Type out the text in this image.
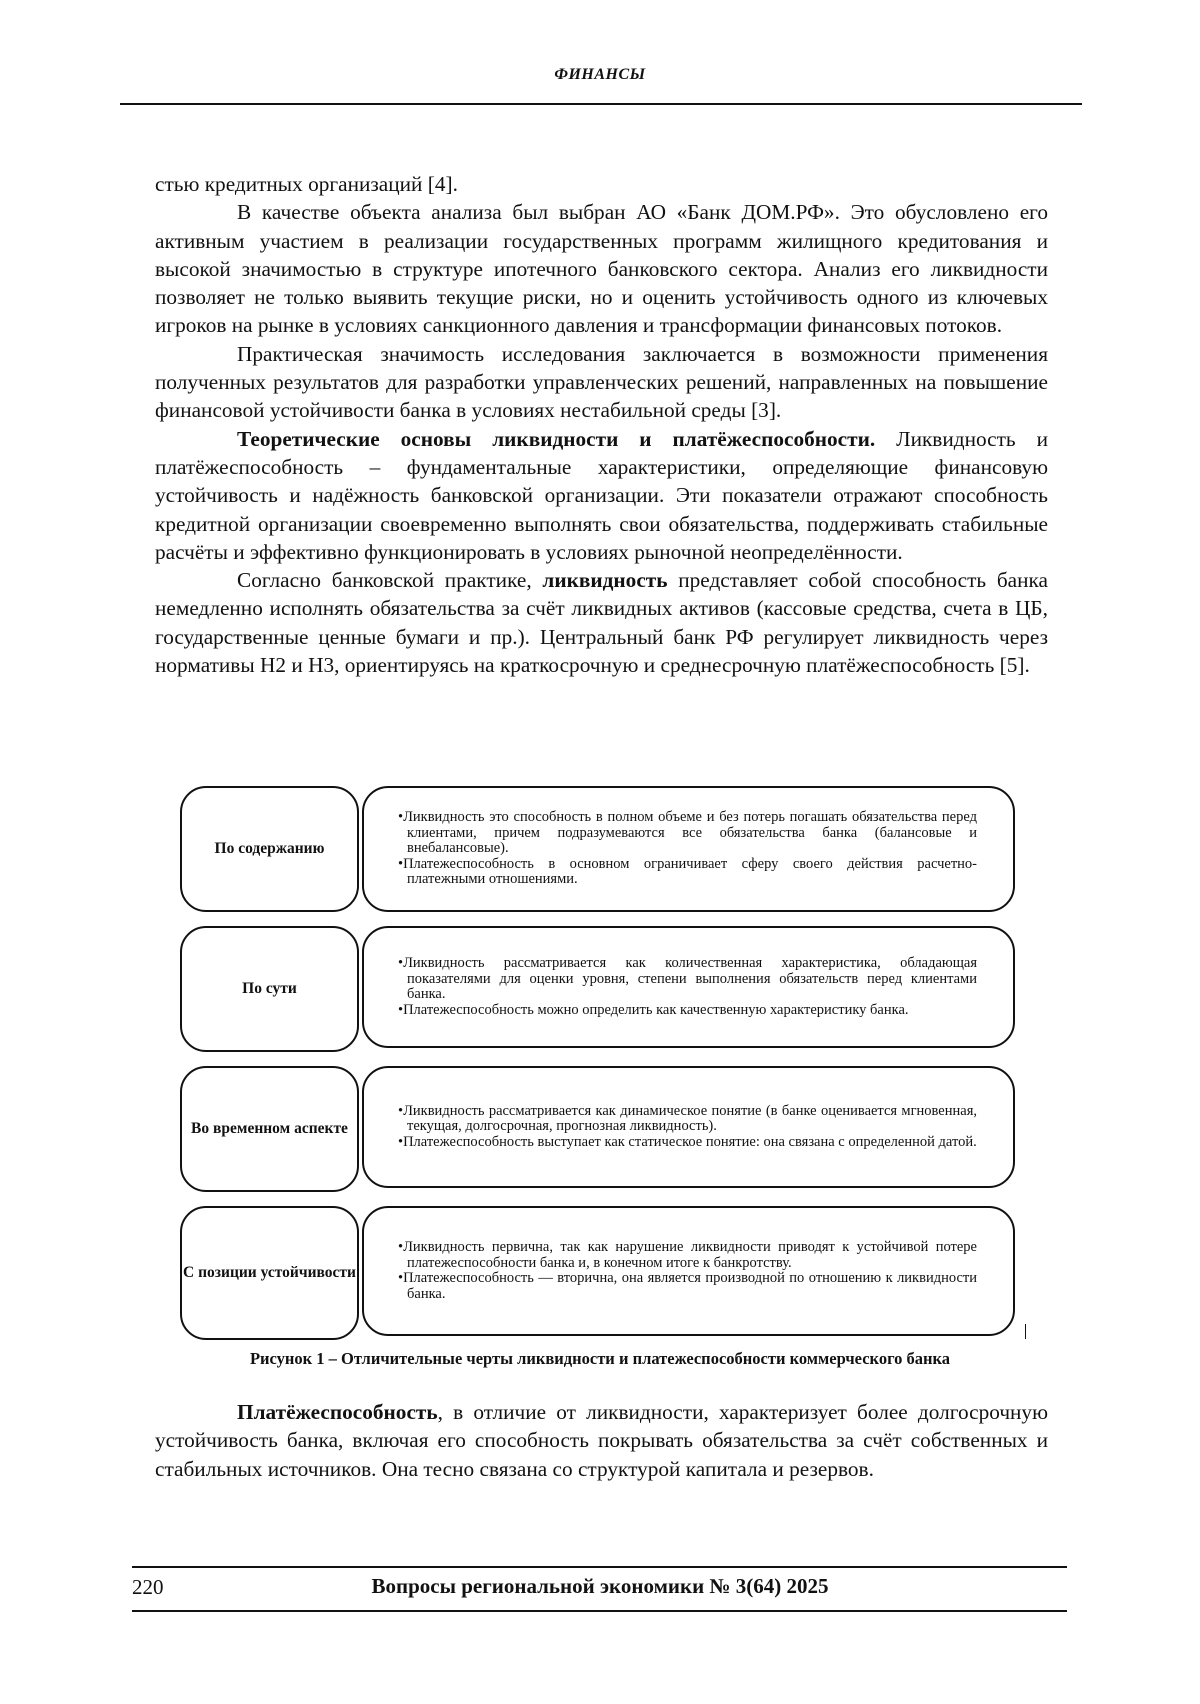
ФИНАНСЫ

стью кредитных организаций [4].

В качестве объекта анализа был выбран АО «Банк ДОМ.РФ». Это обусловлено его активным участием в реализации государственных программ жилищного кредитования и высокой значимостью в структуре ипотечного банковского сектора. Анализ его ликвидности позволяет не только выявить текущие риски, но и оценить устойчивость одного из ключевых игроков на рынке в условиях санкционного давления и трансформации финансовых потоков.

Практическая значимость исследования заключается в возможности применения полученных результатов для разработки управленческих решений, направленных на повышение финансовой устойчивости банка в условиях нестабильной среды [3].

Теоретические основы ликвидности и платёжеспособности. Ликвидность и платёжеспособность – фундаментальные характеристики, определяющие финансовую устойчивость и надёжность банковской организации. Эти показатели отражают способность кредитной организации своевременно выполнять свои обязательства, поддерживать стабильные расчёты и эффективно функционировать в условиях рыночной неопределённости.

Согласно банковской практике, ликвидность представляет собой способность банка немедленно исполнять обязательства за счёт ликвидных активов (кассовые средства, счета в ЦБ, государственные ценные бумаги и пр.). Центральный банк РФ регулирует ликвидность через нормативы Н2 и Н3, ориентируясь на краткосрочную и среднесрочную платёжеспособность [5].

По содержанию

•Ликвидность это способность в полном объеме и без потерь погашать обязательства перед клиентами, причем подразумеваются все обязательства банка (балансовые и внебалансовые).

•Платежеспособность в основном ограничивает сферу своего действия расчетно-платежными отношениями.

По сути

•Ликвидность рассматривается как количественная характеристика, обладающая показателями для оценки уровня, степени выполнения обязательств перед клиентами банка.

•Платежеспособность можно определить как качественную характеристику банка.

Во временном аспекте

•Ликвидность рассматривается как динамическое понятие (в банке оценивается мгновенная, текущая, долгосрочная, прогнозная ликвидность).

•Платежеспособность выступает как статическое понятие: она связана с определенной датой.

С позиции устойчивости

•Ликвидность первична, так как нарушение ликвидности приводят к устойчивой потере платежеспособности банка и, в конечном итоге к банкротству.

•Платежеспособность — вторична, она является производной по отношению к ликвидности банка.

Рисунок 1 – Отличительные черты ликвидности и платежеспособности коммерческого банка

Платёжеспособность, в отличие от ликвидности, характеризует более долгосрочную устойчивость банка, включая его способность покрывать обязательства за счёт собственных и стабильных источников. Она тесно связана со структурой капитала и резервов.

220	Вопросы региональной экономики № 3(64) 2025
